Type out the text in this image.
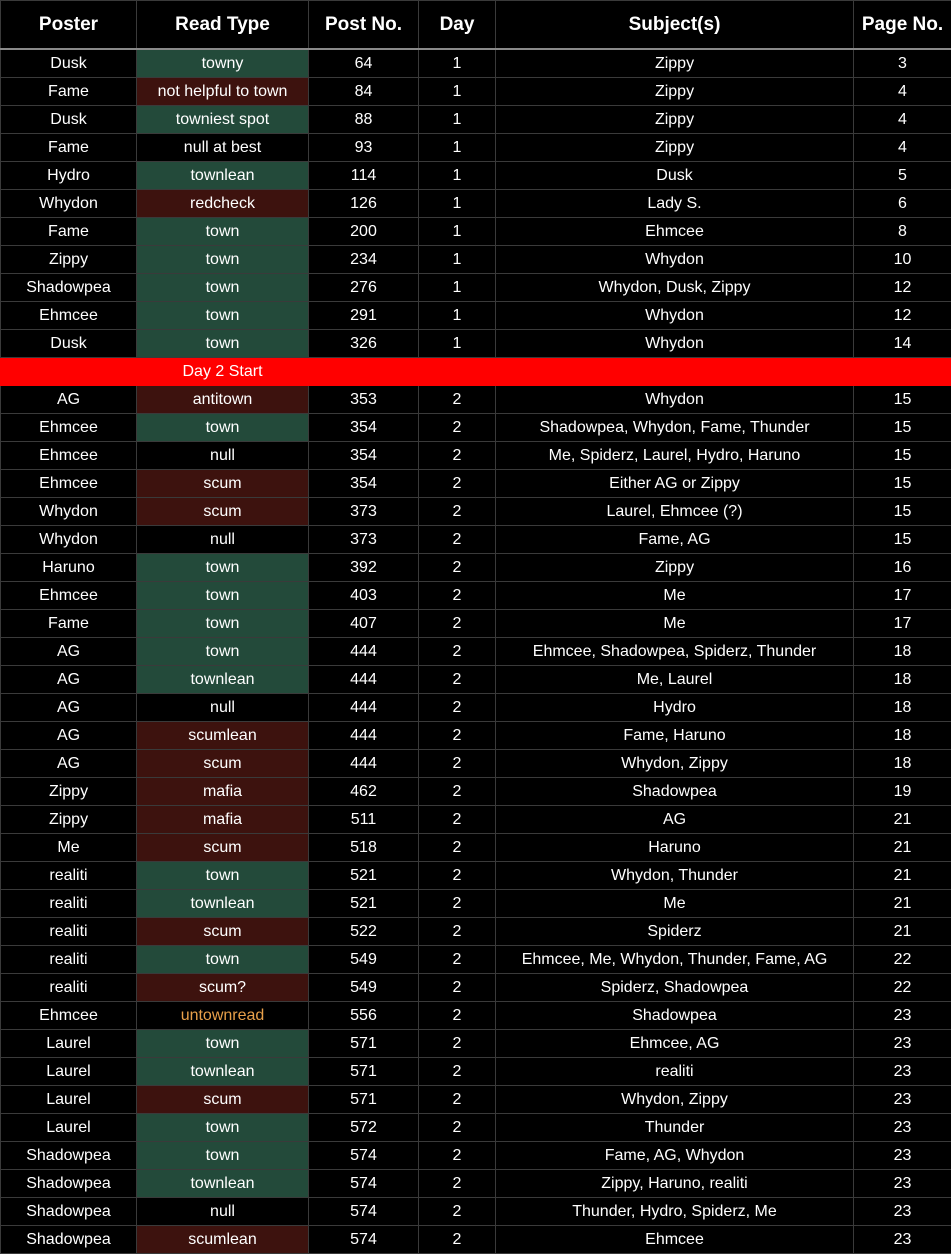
Poster	Read Type	Post No.	Day	Subject(s)	Page No.
Dusk	towny	64	1	Zippy	3
Fame	not helpful to town	84	1	Zippy	4
Dusk	towniest spot	88	1	Zippy	4
Fame	null at best	93	1	Zippy	4
Hydro	townlean	114	1	Dusk	5
Whydon	redcheck	126	1	Lady S.	6
Fame	town	200	1	Ehmcee	8
Zippy	town	234	1	Whydon	10
Shadowpea	town	276	1	Whydon, Dusk, Zippy	12
Ehmcee	town	291	1	Whydon	12
Dusk	town	326	1	Whydon	14
	Day 2 Start				
AG	antitown	353	2	Whydon	15
Ehmcee	town	354	2	Shadowpea, Whydon, Fame, Thunder	15
Ehmcee	null	354	2	Me, Spiderz, Laurel, Hydro, Haruno	15
Ehmcee	scum	354	2	Either AG or Zippy	15
Whydon	scum	373	2	Laurel, Ehmcee (?)	15
Whydon	null	373	2	Fame, AG	15
Haruno	town	392	2	Zippy	16
Ehmcee	town	403	2	Me	17
Fame	town	407	2	Me	17
AG	town	444	2	Ehmcee, Shadowpea, Spiderz, Thunder	18
AG	townlean	444	2	Me, Laurel	18
AG	null	444	2	Hydro	18
AG	scumlean	444	2	Fame, Haruno	18
AG	scum	444	2	Whydon, Zippy	18
Zippy	mafia	462	2	Shadowpea	19
Zippy	mafia	511	2	AG	21
Me	scum	518	2	Haruno	21
realiti	town	521	2	Whydon, Thunder	21
realiti	townlean	521	2	Me	21
realiti	scum	522	2	Spiderz	21
realiti	town	549	2	Ehmcee, Me, Whydon, Thunder, Fame, AG	22
realiti	scum?	549	2	Spiderz, Shadowpea	22
Ehmcee	untownread	556	2	Shadowpea	23
Laurel	town	571	2	Ehmcee, AG	23
Laurel	townlean	571	2	realiti	23
Laurel	scum	571	2	Whydon, Zippy	23
Laurel	town	572	2	Thunder	23
Shadowpea	town	574	2	Fame, AG, Whydon	23
Shadowpea	townlean	574	2	Zippy, Haruno, realiti	23
Shadowpea	null	574	2	Thunder, Hydro, Spiderz, Me	23
Shadowpea	scumlean	574	2	Ehmcee	23
